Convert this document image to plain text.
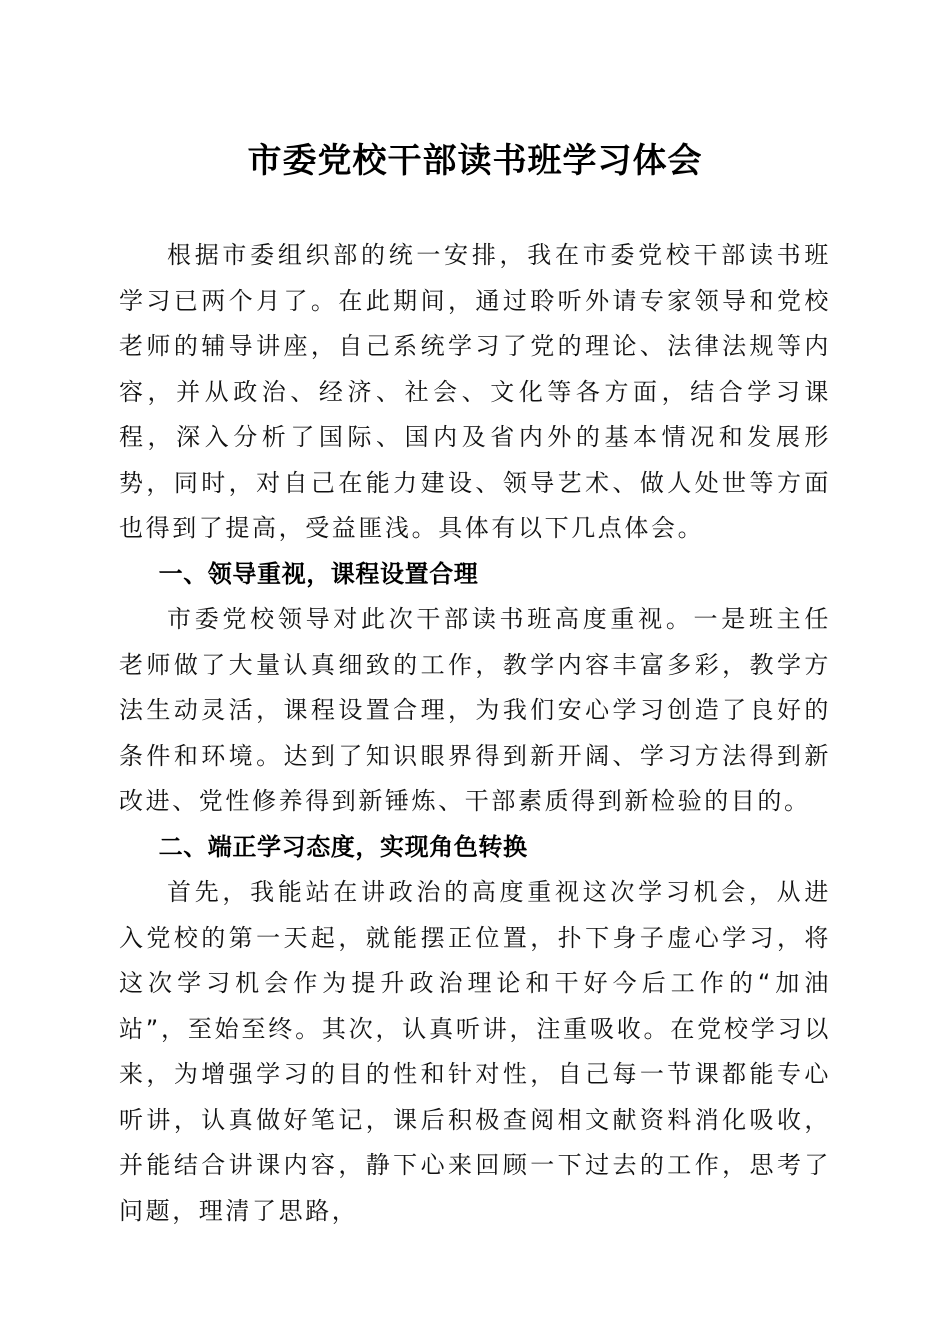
市委党校干部读书班学习体会

根据市委组织部的统一安排，我在市委党校干部读书班学习已两个月了。在此期间，通过聆听外请专家领导和党校老师的辅导讲座，自己系统学习了党的理论、法律法规等内容，并从政治、经济、社会、文化等各方面，结合学习课程，深入分析了国际、国内及省内外的基本情况和发展形势，同时，对自己在能力建设、领导艺术、做人处世等方面也得到了提高，受益匪浅。具体有以下几点体会。

一、领导重视，课程设置合理

市委党校领导对此次干部读书班高度重视。一是班主任老师做了大量认真细致的工作，教学内容丰富多彩，教学方法生动灵活，课程设置合理，为我们安心学习创造了良好的条件和环境。达到了知识眼界得到新开阔、学习方法得到新改进、党性修养得到新锤炼、干部素质得到新检验的目的。

二、端正学习态度，实现角色转换

首先，我能站在讲政治的高度重视这次学习机会，从进入党校的第一天起，就能摆正位置，扑下身子虚心学习，将这次学习机会作为提升政治理论和干好今后工作的“加油站”，至始至终。其次，认真听讲，注重吸收。在党校学习以来，为增强学习的目的性和针对性，自己每一节课都能专心听讲，认真做好笔记，课后积极查阅相文献资料消化吸收，并能结合讲课内容，静下心来回顾一下过去的工作，思考了问题，理清了思路，
